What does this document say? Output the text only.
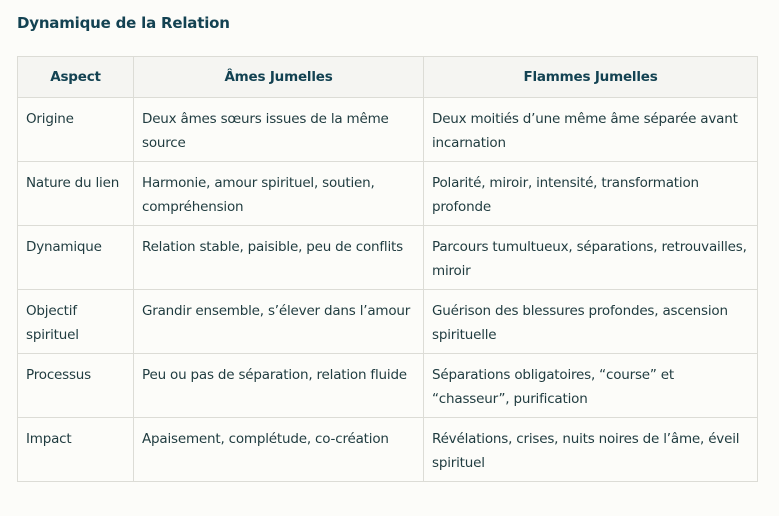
Dynamique de la Relation
Aspect	Âmes Jumelles	Flammes Jumelles
Origine	Deux âmes sœurs issues de la même source	Deux moitiés d’une même âme séparée avant incarnation
Nature du lien	Harmonie, amour spirituel, soutien, compréhension	Polarité, miroir, intensité, transformation profonde
Dynamique	Relation stable, paisible, peu de conflits	Parcours tumultueux, séparations, retrouvailles, miroir
Objectif spirituel	Grandir ensemble, s’élever dans l’amour	Guérison des blessures profondes, ascension spirituelle
Processus	Peu ou pas de séparation, relation fluide	Séparations obligatoires, “course” et “chasseur”, purification
Impact	Apaisement, complétude, co-création	Révélations, crises, nuits noires de l’âme, éveil spirituel
